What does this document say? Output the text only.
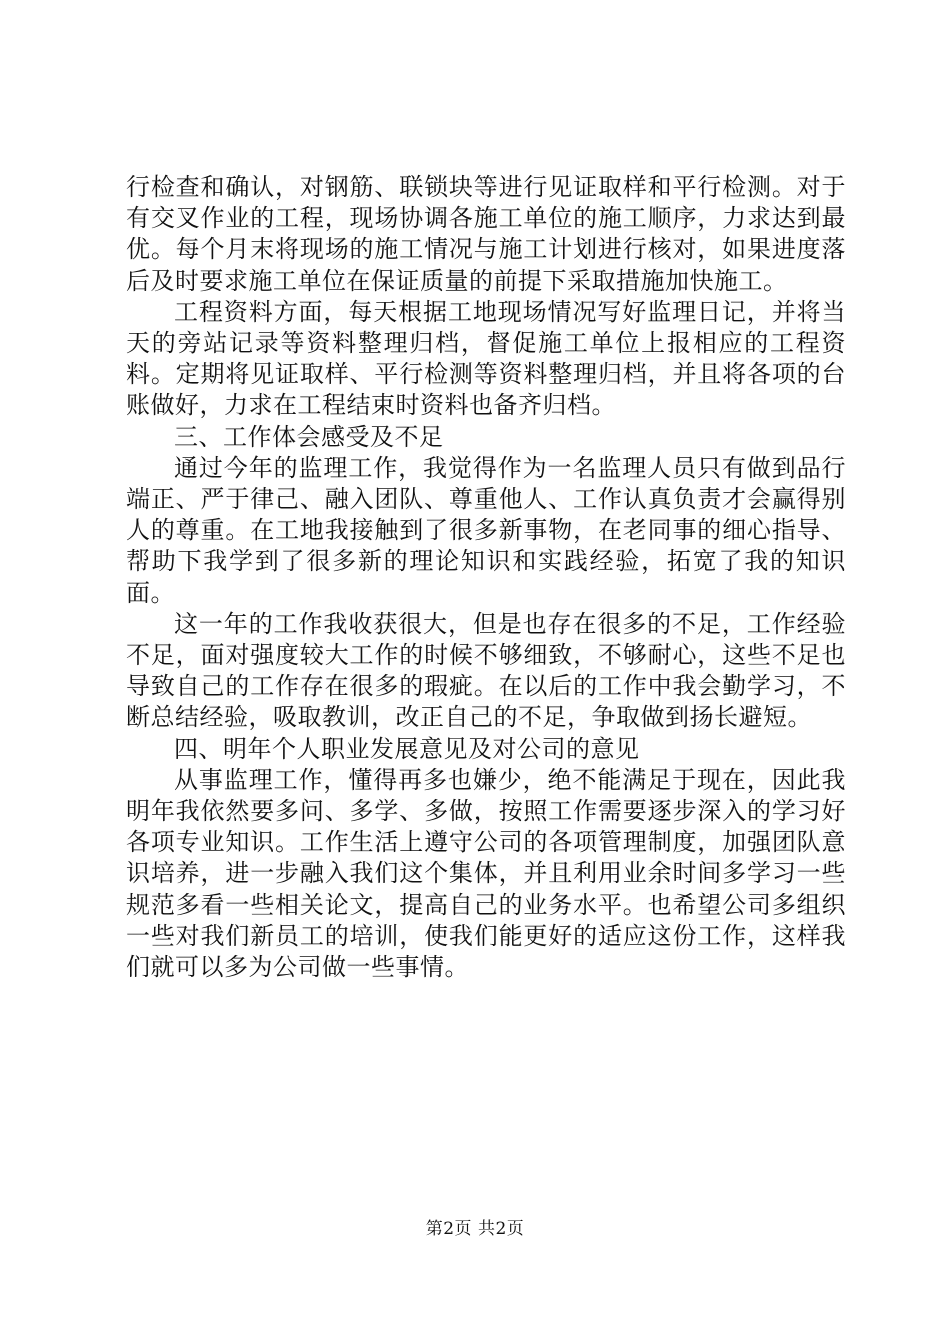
行检查和确认，对钢筋、联锁块等进行见证取样和平行检测。对于有交叉作业的工程，现场协调各施工单位的施工顺序，力求达到最优。每个月末将现场的施工情况与施工计划进行核对，如果进度落后及时要求施工单位在保证质量的前提下采取措施加快施工。

工程资料方面，每天根据工地现场情况写好监理日记，并将当天的旁站记录等资料整理归档，督促施工单位上报相应的工程资料。定期将见证取样、平行检测等资料整理归档，并且将各项的台账做好，力求在工程结束时资料也备齐归档。

三、工作体会感受及不足

通过今年的监理工作，我觉得作为一名监理人员只有做到品行端正、严于律己、融入团队、尊重他人、工作认真负责才会赢得别人的尊重。在工地我接触到了很多新事物，在老同事的细心指导、帮助下我学到了很多新的理论知识和实践经验，拓宽了我的知识面。

这一年的工作我收获很大，但是也存在很多的不足，工作经验不足，面对强度较大工作的时候不够细致，不够耐心，这些不足也导致自己的工作存在很多的瑕疵。在以后的工作中我会勤学习，不断总结经验，吸取教训，改正自己的不足，争取做到扬长避短。

四、明年个人职业发展意见及对公司的意见

从事监理工作，懂得再多也嫌少，绝不能满足于现在，因此我明年我依然要多问、多学、多做，按照工作需要逐步深入的学习好各项专业知识。工作生活上遵守公司的各项管理制度，加强团队意识培养，进一步融入我们这个集体，并且利用业余时间多学习一些规范多看一些相关论文，提高自己的业务水平。也希望公司多组织一些对我们新员工的培训，使我们能更好的适应这份工作，这样我们就可以多为公司做一些事情。

第2页 共2页
